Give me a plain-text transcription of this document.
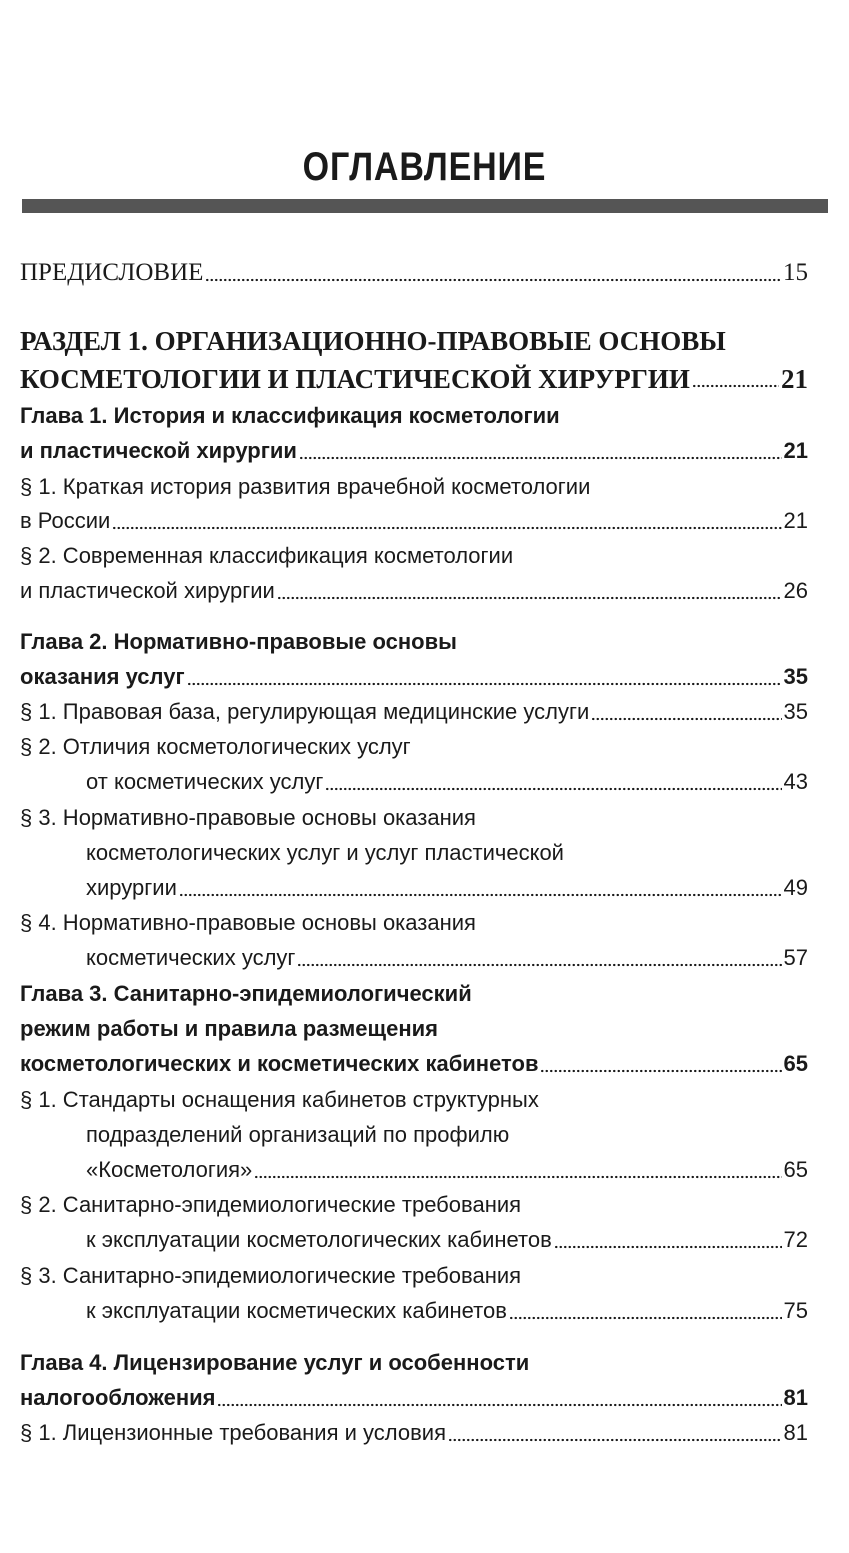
ОГЛАВЛЕНИЕ
ПРЕДИСЛОВИЕ	15
РАЗДЕЛ 1. ОРГАНИЗАЦИОННО-ПРАВОВЫЕ ОСНОВЫ
КОСМЕТОЛОГИИ И ПЛАСТИЧЕСКОЙ ХИРУРГИИ	21
Глава 1. История и классификация косметологии
и пластической хирургии	21
§ 1. Краткая история развития врачебной косметологии
в России	21
§ 2. Современная классификация косметологии
и пластической хирургии	26
Глава 2. Нормативно-правовые основы
оказания услуг	35
§ 1. Правовая база, регулирующая медицинские услуги	35
§ 2. Отличия косметологических услуг
от косметических услуг	43
§ 3. Нормативно-правовые основы оказания
косметологических услуг и услуг пластической
хирургии	49
§ 4. Нормативно-правовые основы оказания
косметических услуг	57
Глава 3. Санитарно-эпидемиологический
режим работы и правила размещения
косметологических и косметических кабинетов	65
§ 1. Стандарты оснащения кабинетов структурных
подразделений организаций по профилю
«Косметология»	65
§ 2. Санитарно-эпидемиологические требования
к эксплуатации косметологических кабинетов	72
§ 3. Санитарно-эпидемиологические требования
к эксплуатации косметических кабинетов	75
Глава 4. Лицензирование услуг и особенности
налогообложения	81
§ 1. Лицензионные требования и условия	81
